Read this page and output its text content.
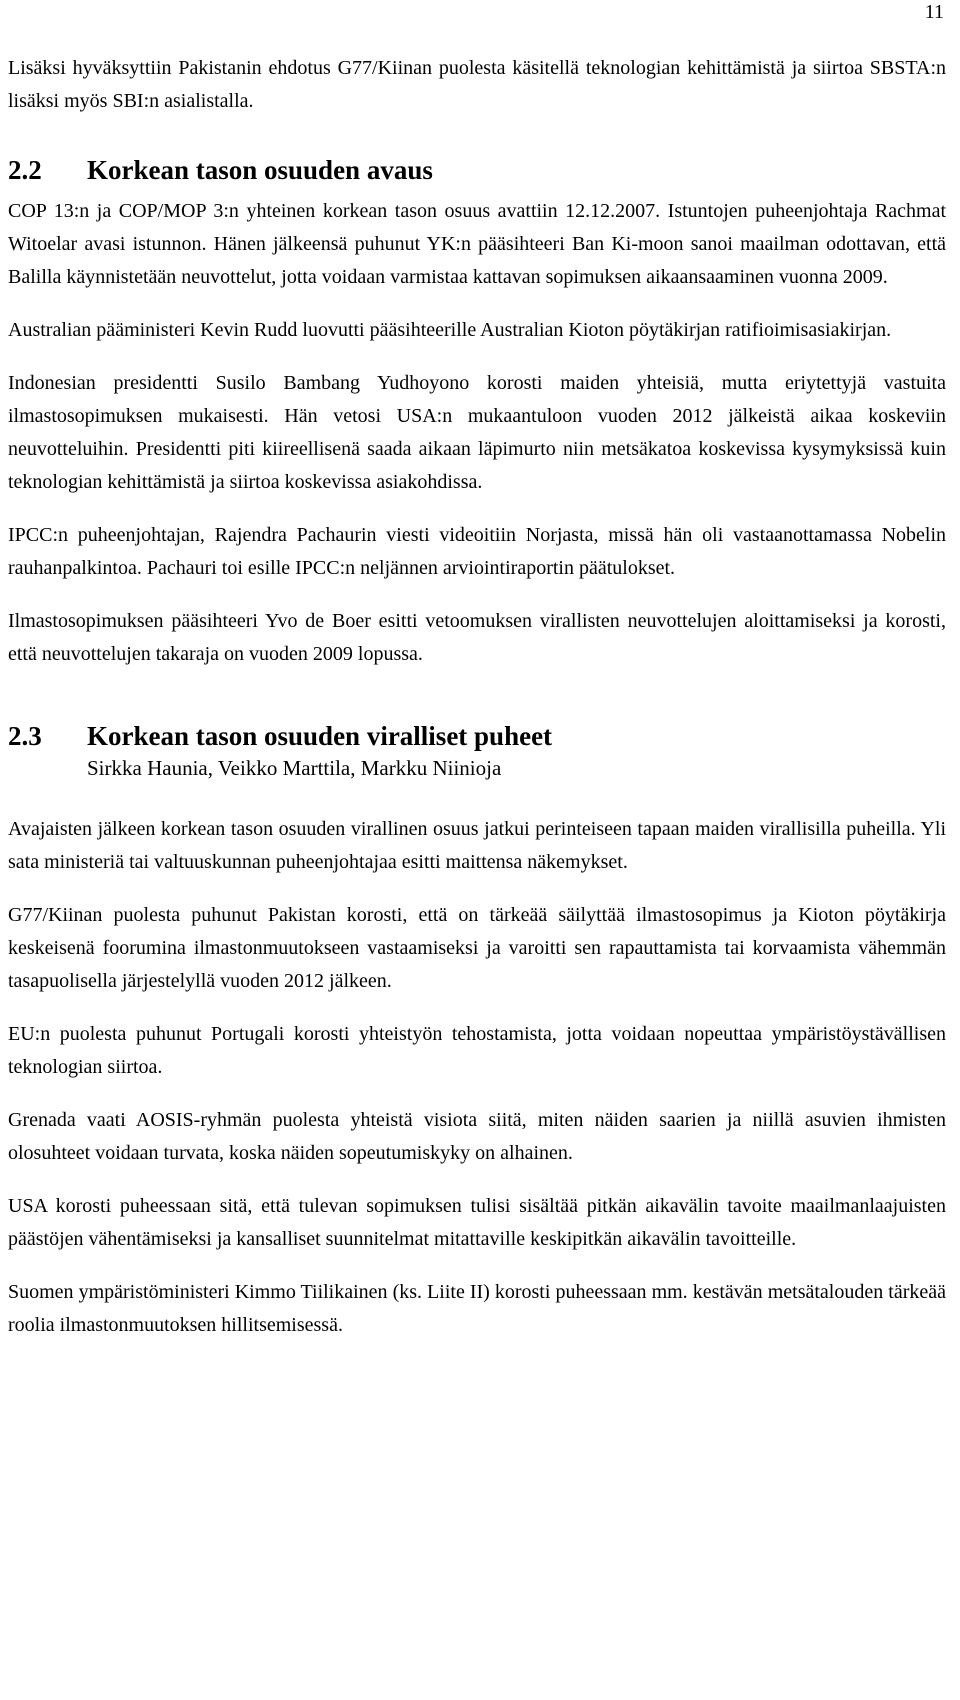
11

Lisäksi hyväksyttiin Pakistanin ehdotus G77/Kiinan puolesta käsitellä teknologian kehittämistä ja siirtoa SBSTA:n lisäksi myös SBI:n asialistalla.

2.2	Korkean tason osuuden avaus

COP 13:n ja COP/MOP 3:n yhteinen korkean tason osuus avattiin 12.12.2007. Istuntojen puheenjohtaja Rachmat Witoelar avasi istunnon. Hänen jälkeensä puhunut YK:n pääsihteeri Ban Ki-moon sanoi maailman odottavan, että Balilla käynnistetään neuvottelut, jotta voidaan varmistaa kattavan sopimuksen aikaansaaminen vuonna 2009.

Australian pääministeri Kevin Rudd luovutti pääsihteerille Australian Kioton pöytäkirjan ratifioimisasiakirjan.

Indonesian presidentti Susilo Bambang Yudhoyono korosti maiden yhteisiä, mutta eriytettyjä vastuita ilmastosopimuksen mukaisesti. Hän vetosi USA:n mukaantuloon vuoden 2012 jälkeistä aikaa koskeviin neuvotteluihin. Presidentti piti kiireellisenä saada aikaan läpimurto niin metsäkatoa koskevissa kysymyksissä kuin teknologian kehittämistä ja siirtoa koskevissa asiakohdissa.

IPCC:n puheenjohtajan, Rajendra Pachaurin viesti videoitiin Norjasta, missä hän oli vastaanottamassa Nobelin rauhanpalkintoa. Pachauri toi esille IPCC:n neljännen arviointiraportin päätulokset.

Ilmastosopimuksen pääsihteeri Yvo de Boer esitti vetoomuksen virallisten neuvottelujen aloittamiseksi ja korosti, että neuvottelujen takaraja on vuoden 2009 lopussa.

2.3	Korkean tason osuuden viralliset puheet
Sirkka Haunia, Veikko Marttila, Markku Niinioja

Avajaisten jälkeen korkean tason osuuden virallinen osuus jatkui perinteiseen tapaan maiden virallisilla puheilla. Yli sata ministeriä tai valtuuskunnan puheenjohtajaa esitti maittensa näkemykset.

G77/Kiinan puolesta puhunut Pakistan korosti, että on tärkeää säilyttää ilmastosopimus ja Kioton pöytäkirja keskeisenä foorumina ilmastonmuutokseen vastaamiseksi ja varoitti sen rapauttamista tai korvaamista vähemmän tasapuolisella järjestelyllä vuoden 2012 jälkeen.

EU:n puolesta puhunut Portugali korosti yhteistyön tehostamista, jotta voidaan nopeuttaa ympäristöystävällisen teknologian siirtoa.

Grenada vaati AOSIS-ryhmän puolesta yhteistä visiota siitä, miten näiden saarien ja niillä asuvien ihmisten olosuhteet voidaan turvata, koska näiden sopeutumiskyky on alhainen.

USA korosti puheessaan sitä, että tulevan sopimuksen tulisi sisältää pitkän aikavälin tavoite maailmanlaajuisten päästöjen vähentämiseksi ja kansalliset suunnitelmat mitattaville keskipitkän aikavälin tavoitteille.

Suomen ympäristöministeri Kimmo Tiilikainen (ks. Liite II) korosti puheessaan mm. kestävän metsätalouden tärkeää roolia ilmastonmuutoksen hillitsemisessä.
